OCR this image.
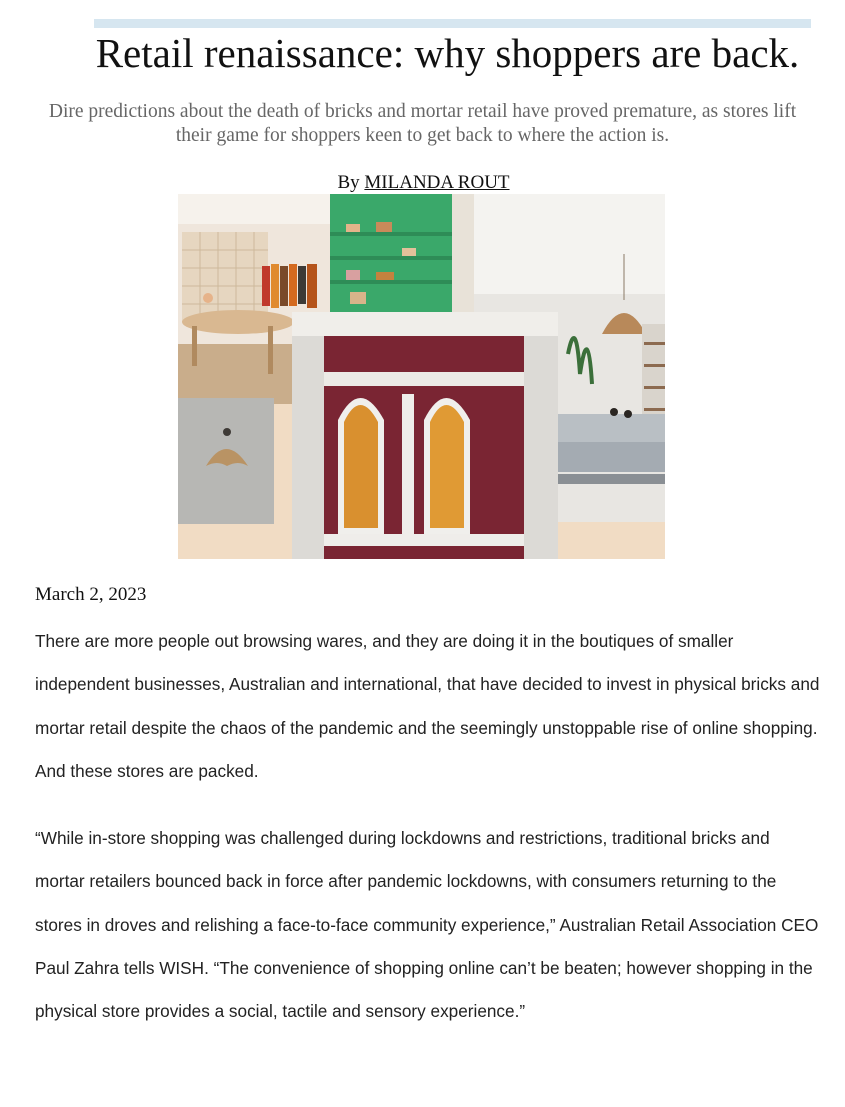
Retail renaissance: why shoppers are back.
Dire predictions about the death of bricks and mortar retail have proved premature, as stores lift their game for shoppers keen to get back to where the action is.
By MILANDA ROUT
March 2, 2023

There are more people out browsing wares, and they are doing it in the boutiques of smaller independent businesses, Australian and international, that have decided to invest in physical bricks and mortar retail despite the chaos of the pandemic and the seemingly unstoppable rise of online shopping. And these stores are packed.

“While in-store shopping was challenged during lockdowns and restrictions, traditional bricks and mortar retailers bounced back in force after pandemic lockdowns, with consumers returning to the stores in droves and relishing a face-to-face community experience,” Australian Retail Association CEO Paul Zahra tells WISH. “The convenience of shopping online can’t be beaten; however shopping in the physical store provides a social, tactile and sensory experience.”
